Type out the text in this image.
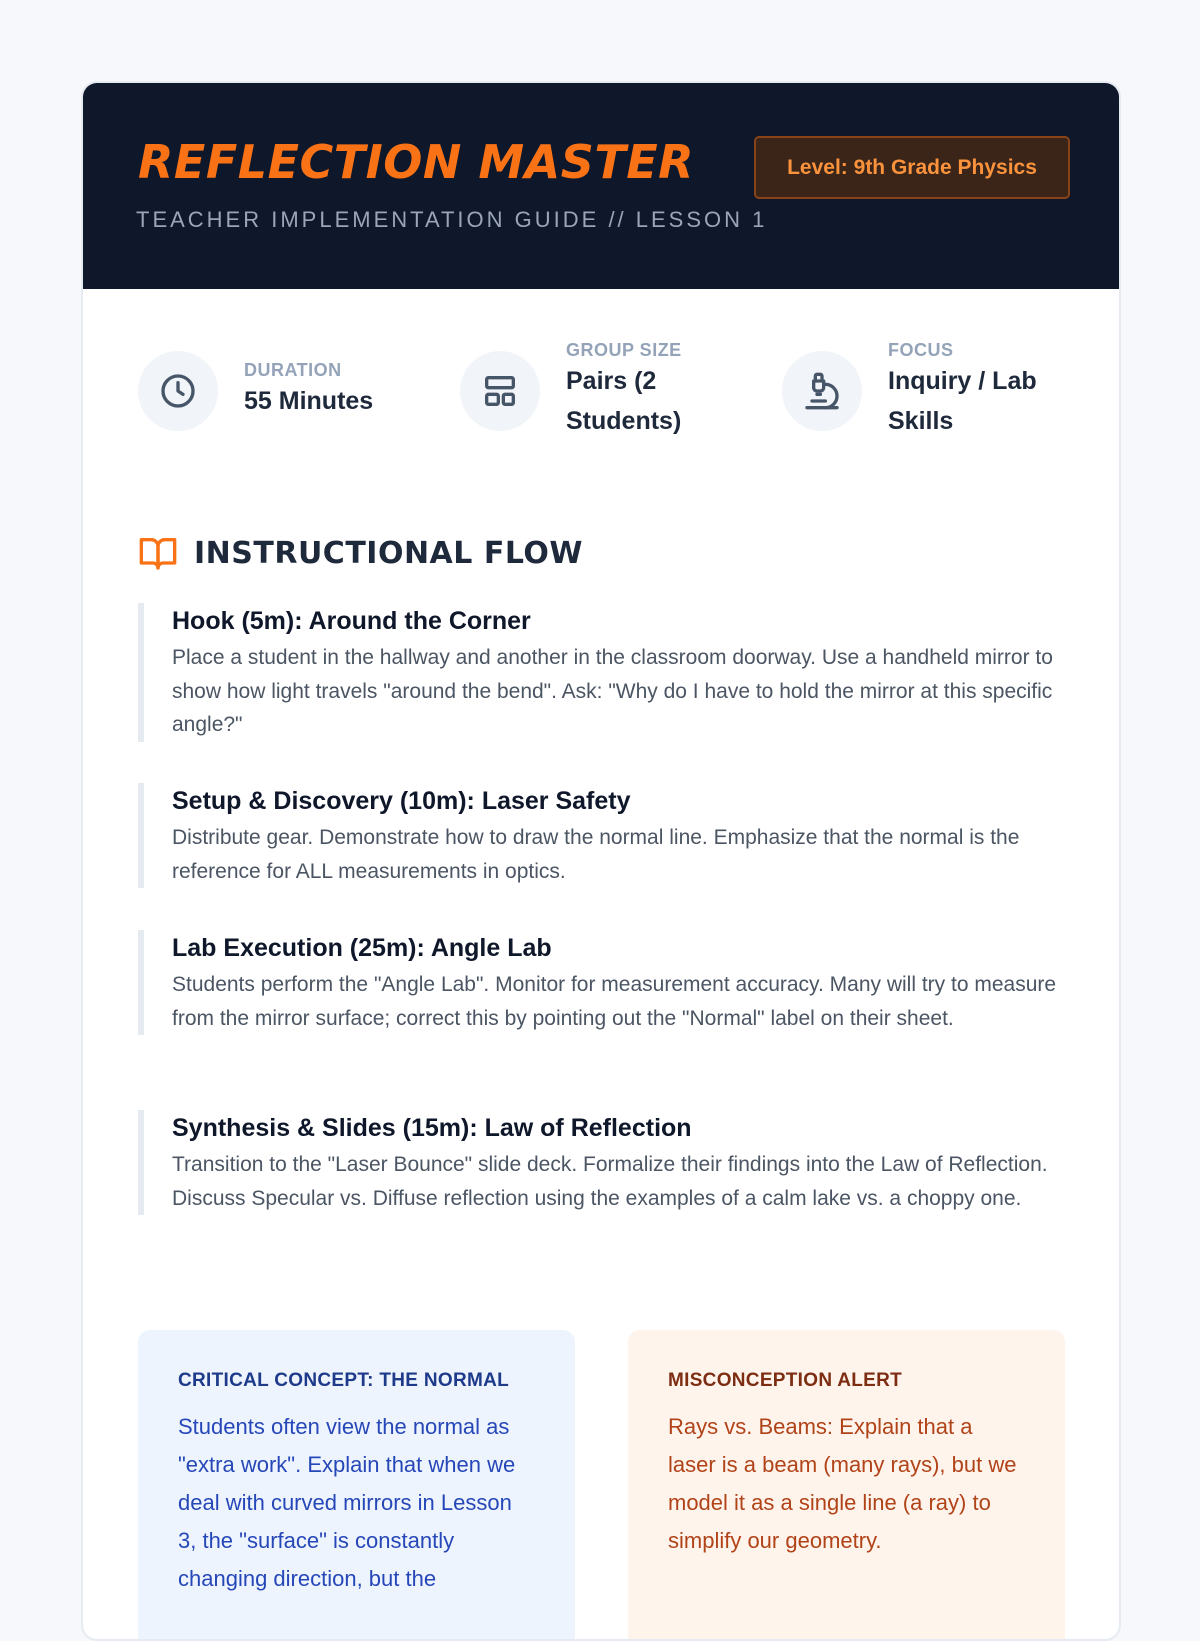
REFLECTION MASTER
TEACHER IMPLEMENTATION GUIDE // LESSON 1
Level: 9th Grade Physics
DURATION
55 Minutes
GROUP SIZE
Pairs (2 Students)
FOCUS
Inquiry / Lab Skills
INSTRUCTIONAL FLOW
Hook (5m): Around the Corner
Place a student in the hallway and another in the classroom doorway. Use a handheld mirror to show how light travels "around the bend". Ask: "Why do I have to hold the mirror at this specific angle?"
Setup & Discovery (10m): Laser Safety
Distribute gear. Demonstrate how to draw the normal line. Emphasize that the normal is the reference for ALL measurements in optics.
Lab Execution (25m): Angle Lab
Students perform the "Angle Lab". Monitor for measurement accuracy. Many will try to measure from the mirror surface; correct this by pointing out the "Normal" label on their sheet.
Synthesis & Slides (15m): Law of Reflection
Transition to the "Laser Bounce" slide deck. Formalize their findings into the Law of Reflection. Discuss Specular vs. Diffuse reflection using the examples of a calm lake vs. a choppy one.
CRITICAL CONCEPT: THE NORMAL
Students often view the normal as "extra work". Explain that when we deal with curved mirrors in Lesson 3, the "surface" is constantly changing direction, but the
MISCONCEPTION ALERT
Rays vs. Beams: Explain that a laser is a beam (many rays), but we model it as a single line (a ray) to simplify our geometry.
